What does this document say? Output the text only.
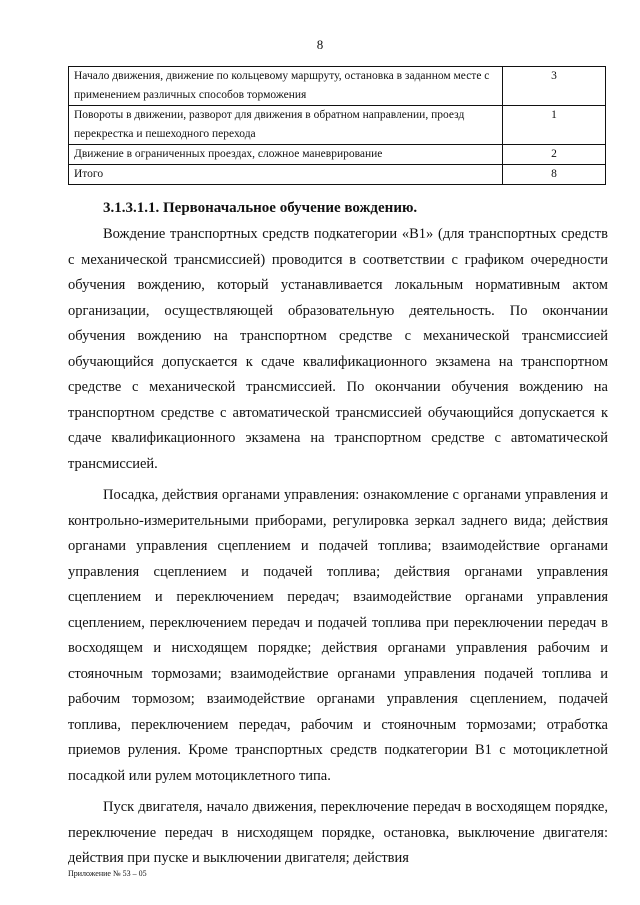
8
Начало движения, движение по кольцевому маршруту, остановка в заданном месте с применением различных способов торможения	3
Повороты в движении, разворот для движения в обратном направлении, проезд перекрестка и пешеходного перехода	1
Движение в ограниченных проездах, сложное маневрирование	2
Итого	8
3.1.3.1.1. Первоначальное обучение вождению.

Вождение транспортных средств подкатегории «B1» (для транспортных средств с механической трансмиссией) проводится в соответствии с графиком очередности обучения вождению, который устанавливается локальным нормативным актом организации, осуществляющей образовательную деятельность. По окончании обучения вождению на транспортном средстве с механической трансмиссией обучающийся допускается к сдаче квалификационного экзамена на транспортном средстве с механической трансмиссией. По окончании обучения вождению на транспортном средстве с автоматической трансмиссией обучающийся допускается к сдаче квалификационного экзамена на транспортном средстве с автоматической трансмиссией.

Посадка, действия органами управления: ознакомление с органами управления и контрольно-измерительными приборами, регулировка зеркал заднего вида; действия органами управления сцеплением и подачей топлива; взаимодействие органами управления сцеплением и подачей топлива; действия органами управления сцеплением и переключением передач; взаимодействие органами управления сцеплением, переключением передач и подачей топлива при переключении передач в восходящем и нисходящем порядке; действия органами управления рабочим и стояночным тормозами; взаимодействие органами управления подачей топлива и рабочим тормозом; взаимодействие органами управления сцеплением, подачей топлива, переключением передач, рабочим и стояночным тормозами; отработка приемов руления. Кроме транспортных средств подкатегории B1 с мотоциклетной посадкой или рулем мотоциклетного типа.

Пуск двигателя, начало движения, переключение передач в восходящем порядке, переключение передач в нисходящем порядке, остановка, выключение двигателя: действия при пуске и выключении двигателя; действия

Приложение № 53 – 05
